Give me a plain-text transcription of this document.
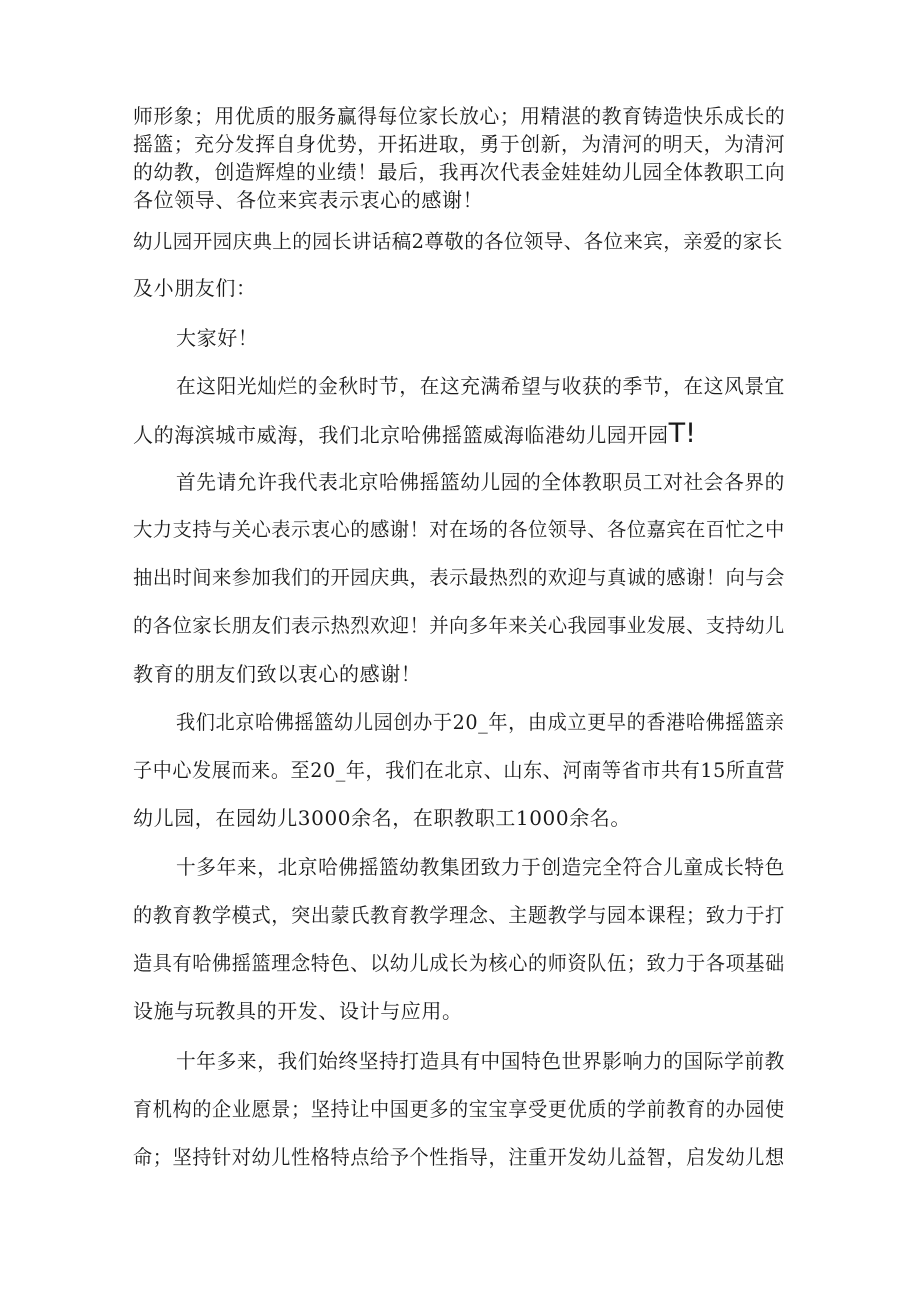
师形象；用优质的服务赢得每位家长放心；用精湛的教育铸造快乐成长的
摇篮；充分发挥自身优势，开拓进取，勇于创新，为清河的明天，为清河
的幼教，创造辉煌的业绩！最后，我再次代表金娃娃幼儿园全体教职工向
各位领导、各位来宾表示衷心的感谢！
幼儿园开园庆典上的园长讲话稿2尊敬的各位领导、各位来宾，亲爱的家长
及小朋友们：
大家好！
在这阳光灿烂的金秋时节，在这充满希望与收获的季节，在这风景宜
人的海滨城市威海，我们北京哈佛摇篮威海临港幼儿园开园T!
首先请允许我代表北京哈佛摇篮幼儿园的全体教职员工对社会各界的
大力支持与关心表示衷心的感谢！对在场的各位领导、各位嘉宾在百忙之中
抽出时间来参加我们的开园庆典，表示最热烈的欢迎与真诚的感谢！向与会
的各位家长朋友们表示热烈欢迎！并向多年来关心我园事业发展、支持幼儿
教育的朋友们致以衷心的感谢！
我们北京哈佛摇篮幼儿园创办于20_年，由成立更早的香港哈佛摇篮亲
子中心发展而来。至20_年，我们在北京、山东、河南等省市共有15所直营
幼儿园，在园幼儿3000余名，在职教职工1000余名。
十多年来，北京哈佛摇篮幼教集团致力于创造完全符合儿童成长特色
的教育教学模式，突出蒙氏教育教学理念、主题教学与园本课程；致力于打
造具有哈佛摇篮理念特色、以幼儿成长为核心的师资队伍；致力于各项基础
设施与玩教具的开发、设计与应用。
十年多来，我们始终坚持打造具有中国特色世界影响力的国际学前教
育机构的企业愿景；坚持让中国更多的宝宝享受更优质的学前教育的办园使
命；坚持针对幼儿性格特点给予个性指导，注重开发幼儿益智，启发幼儿想
